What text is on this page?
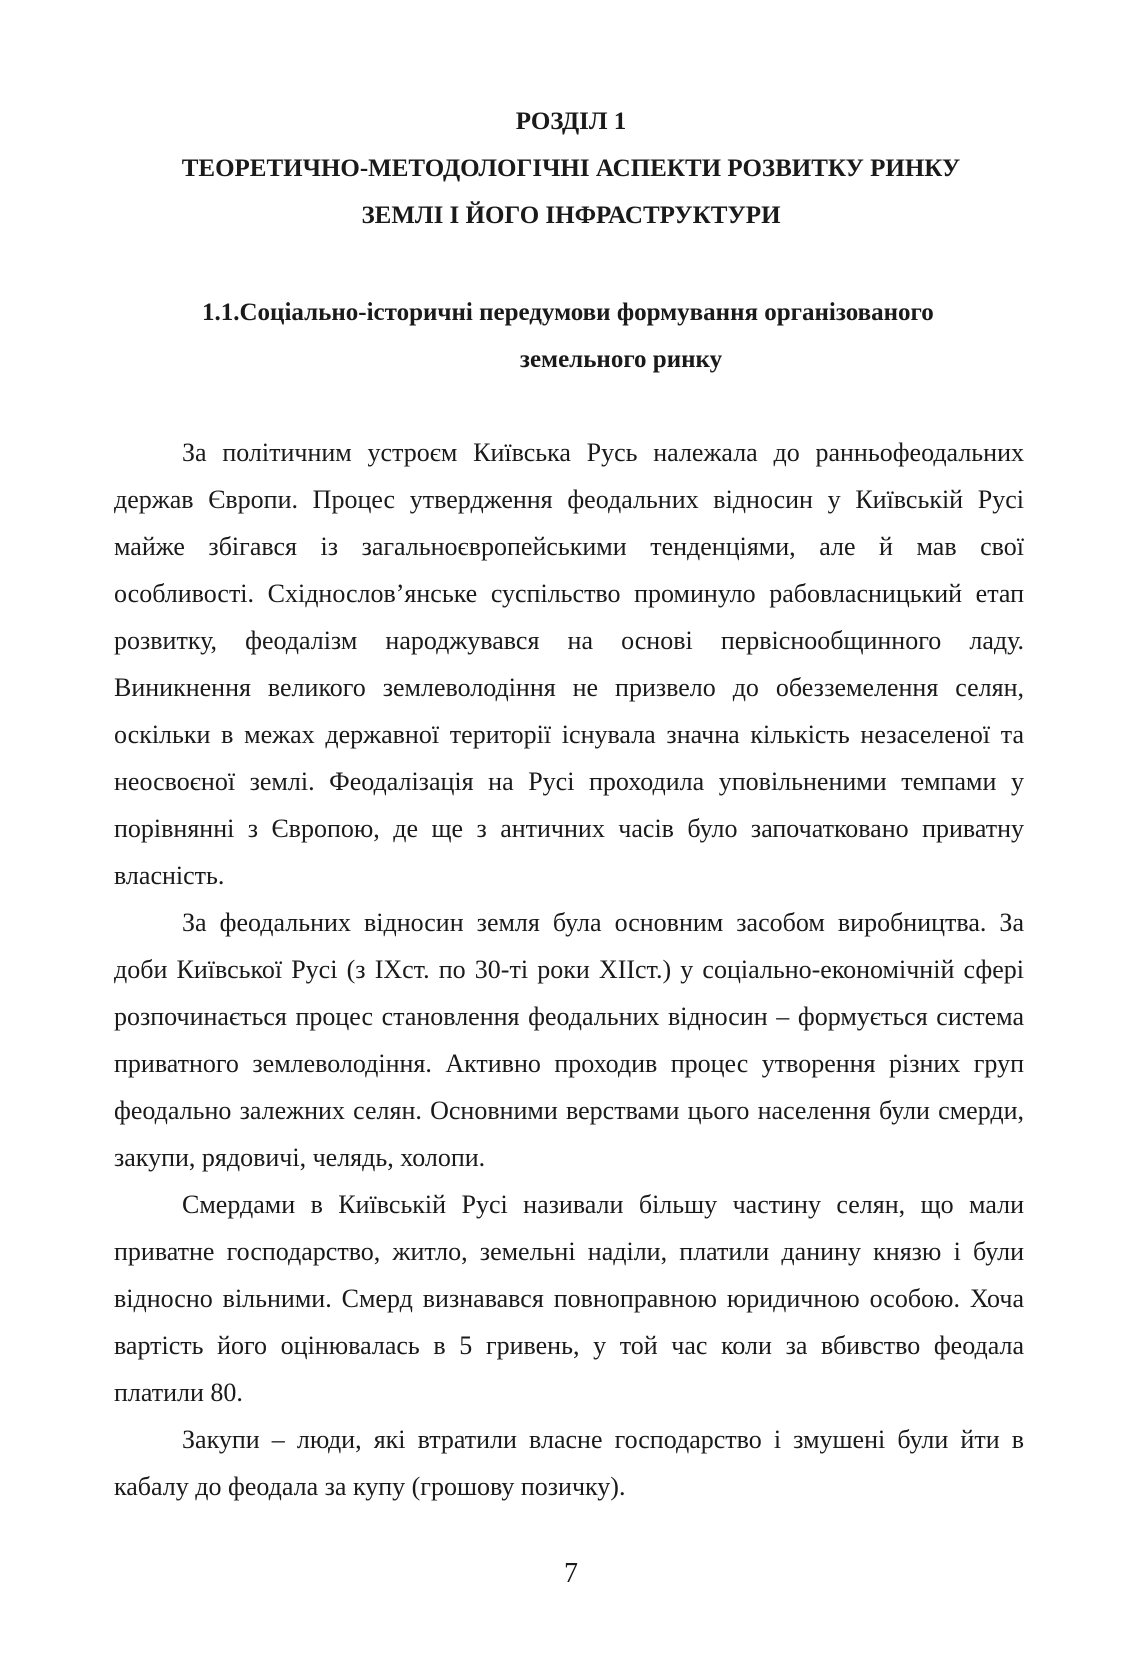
РОЗДІЛ 1
ТЕОРЕТИЧНО-МЕТОДОЛОГІЧНІ АСПЕКТИ РОЗВИТКУ РИНКУ
ЗЕМЛІ І ЙОГО ІНФРАСТРУКТУРИ
1.1.Соціально-історичні передумови формування організованого
земельного ринку

За політичним устроєм Київська Русь належала до ранньофеодальних держав Європи. Процес утвердження феодальних відносин у Київській Русі майже збігався із загальноєвропейськими тенденціями, але й мав свої особливості. Східнослов’янське суспільство проминуло рабовласницький етап розвитку, феодалізм народжувався на основі первіснообщинного ладу. Виникнення великого землеволодіння не призвело до обезземелення селян, оскільки в межах державної території існувала значна кількість незаселеної та неосвоєної землі. Феодалізація на Русі проходила уповільненими темпами у порівнянні з Європою, де ще з античних часів було започатковано приватну власність.

За феодальних відносин земля була основним засобом виробництва. За доби Київської Русі (з ІХст. по 30-ті роки ХІІст.) у соціально-економічній сфері розпочинається процес становлення феодальних відносин – формується система приватного землеволодіння. Активно проходив процес утворення різних груп феодально залежних селян. Основними верствами цього населення були смерди, закупи, рядовичі, челядь, холопи.

Смердами в Київській Русі називали більшу частину селян, що мали приватне господарство, житло, земельні наділи, платили данину князю і були відносно вільними. Смерд визнавався повноправною юридичною особою. Хоча вартість його оцінювалась в 5 гривень, у той час коли за вбивство феодала платили 80.

Закупи – люди, які втратили власне господарство і змушені були йти в кабалу до феодала за купу (грошову позичку).

7
